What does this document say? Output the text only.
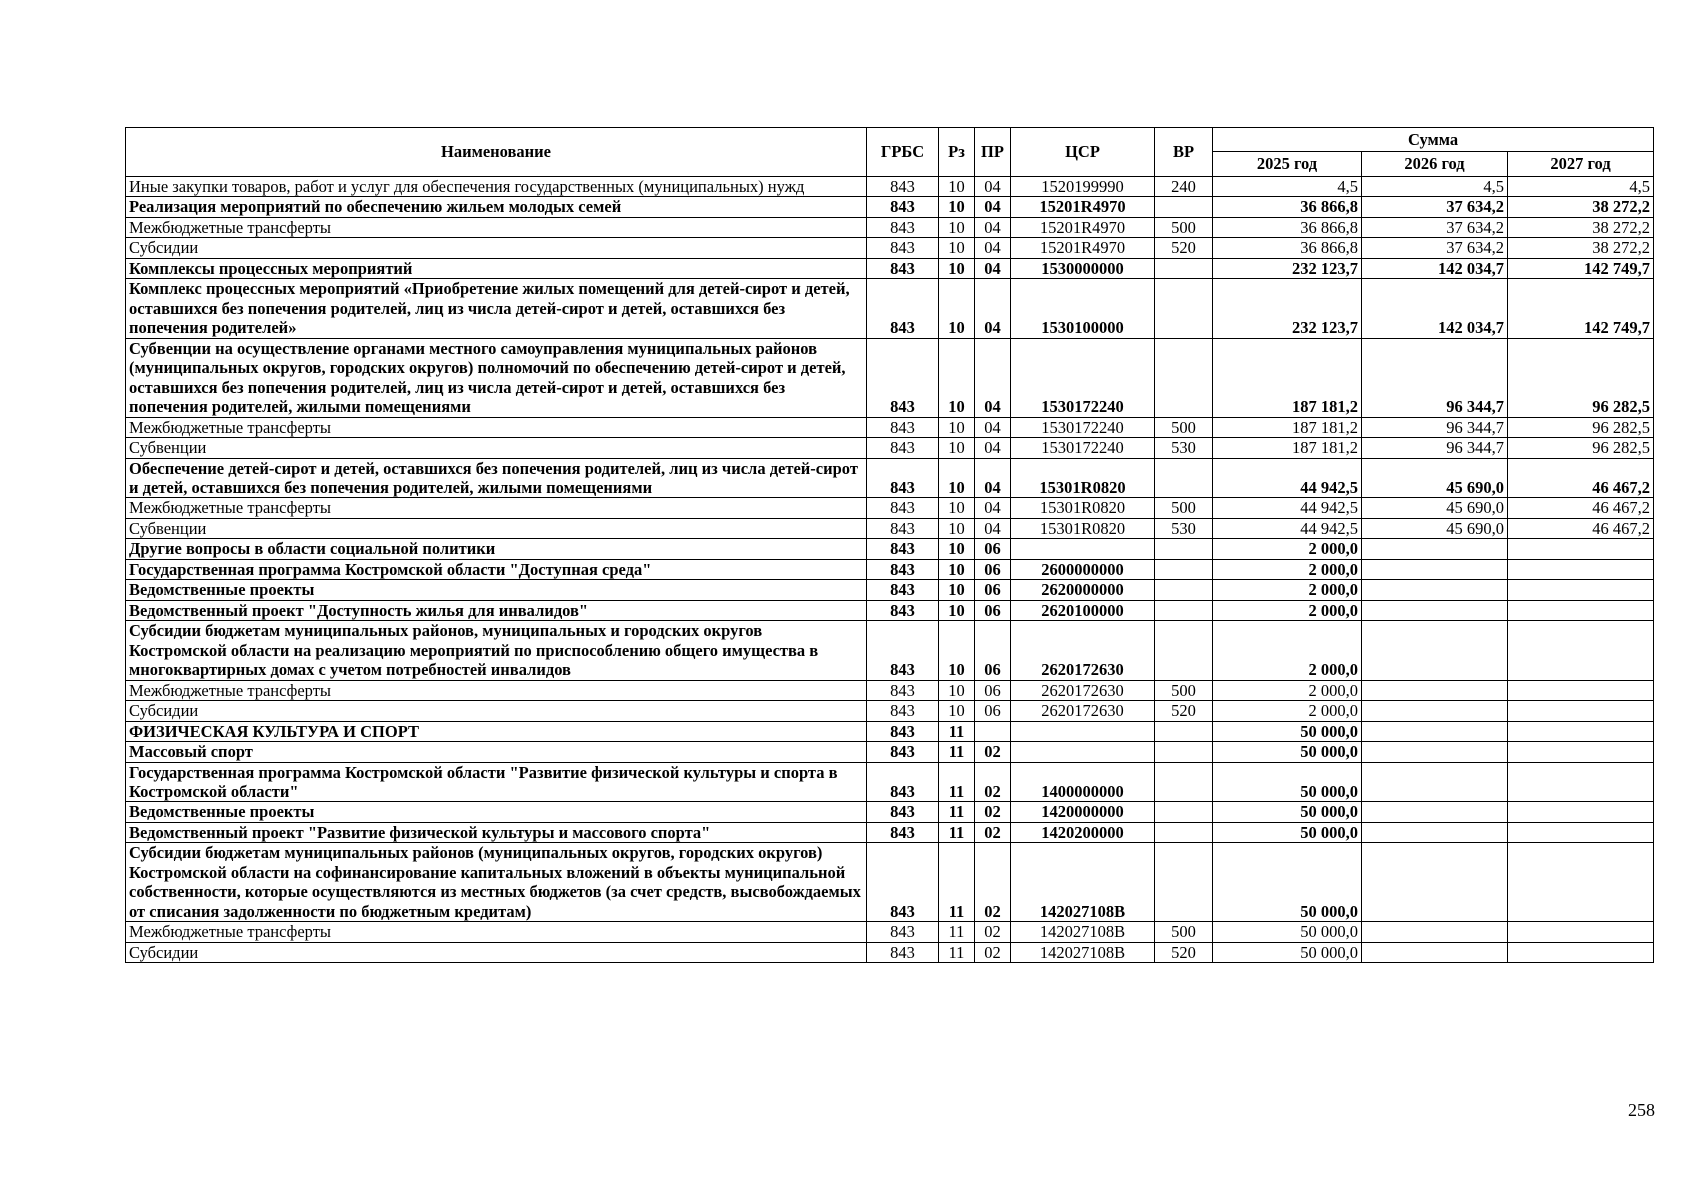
Наименование	ГРБС	Рз	ПР	ЦСР	ВР	Сумма		
						2025 год	2026 год	2027 год
Иные закупки товаров, работ и услуг для обеспечения государственных (муниципальных) нужд	843	10	04	1520199990	240	4,5	4,5	4,5
Реализация мероприятий по обеспечению жильем молодых семей	843	10	04	15201R4970		36 866,8	37 634,2	38 272,2
Межбюджетные трансферты	843	10	04	15201R4970	500	36 866,8	37 634,2	38 272,2
Субсидии	843	10	04	15201R4970	520	36 866,8	37 634,2	38 272,2
Комплексы процессных мероприятий	843	10	04	1530000000		232 123,7	142 034,7	142 749,7
Комплекс процессных мероприятий «Приобретение жилых помещений для детей-сирот и детей, оставшихся без попечения родителей, лиц из числа детей-сирот и детей, оставшихся без попечения родителей»	843	10	04	1530100000		232 123,7	142 034,7	142 749,7
Субвенции на осуществление органами местного самоуправления муниципальных районов (муниципальных округов, городских округов) полномочий по обеспечению детей-сирот и детей, оставшихся без попечения родителей, лиц из числа детей-сирот и детей, оставшихся без попечения родителей, жилыми помещениями	843	10	04	1530172240		187 181,2	96 344,7	96 282,5
Межбюджетные трансферты	843	10	04	1530172240	500	187 181,2	96 344,7	96 282,5
Субвенции	843	10	04	1530172240	530	187 181,2	96 344,7	96 282,5
Обеспечение детей-сирот и детей, оставшихся без попечения родителей, лиц из числа детей-сирот и детей, оставшихся без попечения родителей, жилыми помещениями	843	10	04	15301R0820		44 942,5	45 690,0	46 467,2
Межбюджетные трансферты	843	10	04	15301R0820	500	44 942,5	45 690,0	46 467,2
Субвенции	843	10	04	15301R0820	530	44 942,5	45 690,0	46 467,2
Другие вопросы в области социальной политики	843	10	06			2 000,0		
Государственная программа Костромской области "Доступная среда"	843	10	06	2600000000		2 000,0		
Ведомственные проекты	843	10	06	2620000000		2 000,0		
Ведомственный проект "Доступность жилья для инвалидов"	843	10	06	2620100000		2 000,0		
Субсидии бюджетам муниципальных районов, муниципальных и городских округов Костромской области на реализацию мероприятий по приспособлению общего имущества в многоквартирных домах с учетом потребностей инвалидов	843	10	06	2620172630		2 000,0		
Межбюджетные трансферты	843	10	06	2620172630	500	2 000,0		
Субсидии	843	10	06	2620172630	520	2 000,0		
ФИЗИЧЕСКАЯ КУЛЬТУРА И СПОРТ	843	11				50 000,0		
Массовый спорт	843	11	02			50 000,0		
Государственная программа Костромской области "Развитие физической культуры и спорта в Костромской области"	843	11	02	1400000000		50 000,0		
Ведомственные проекты	843	11	02	1420000000		50 000,0		
Ведомственный проект "Развитие физической культуры и массового спорта"	843	11	02	1420200000		50 000,0		
Субсидии бюджетам муниципальных районов (муниципальных округов, городских округов) Костромской области на софинансирование капитальных вложений в объекты муниципальной собственности, которые осуществляются из местных бюджетов (за счет средств, высвобождаемых от списания задолженности по бюджетным кредитам)	843	11	02	142027108B		50 000,0		
Межбюджетные трансферты	843	11	02	142027108B	500	50 000,0		
Субсидии	843	11	02	142027108B	520	50 000,0		
258
